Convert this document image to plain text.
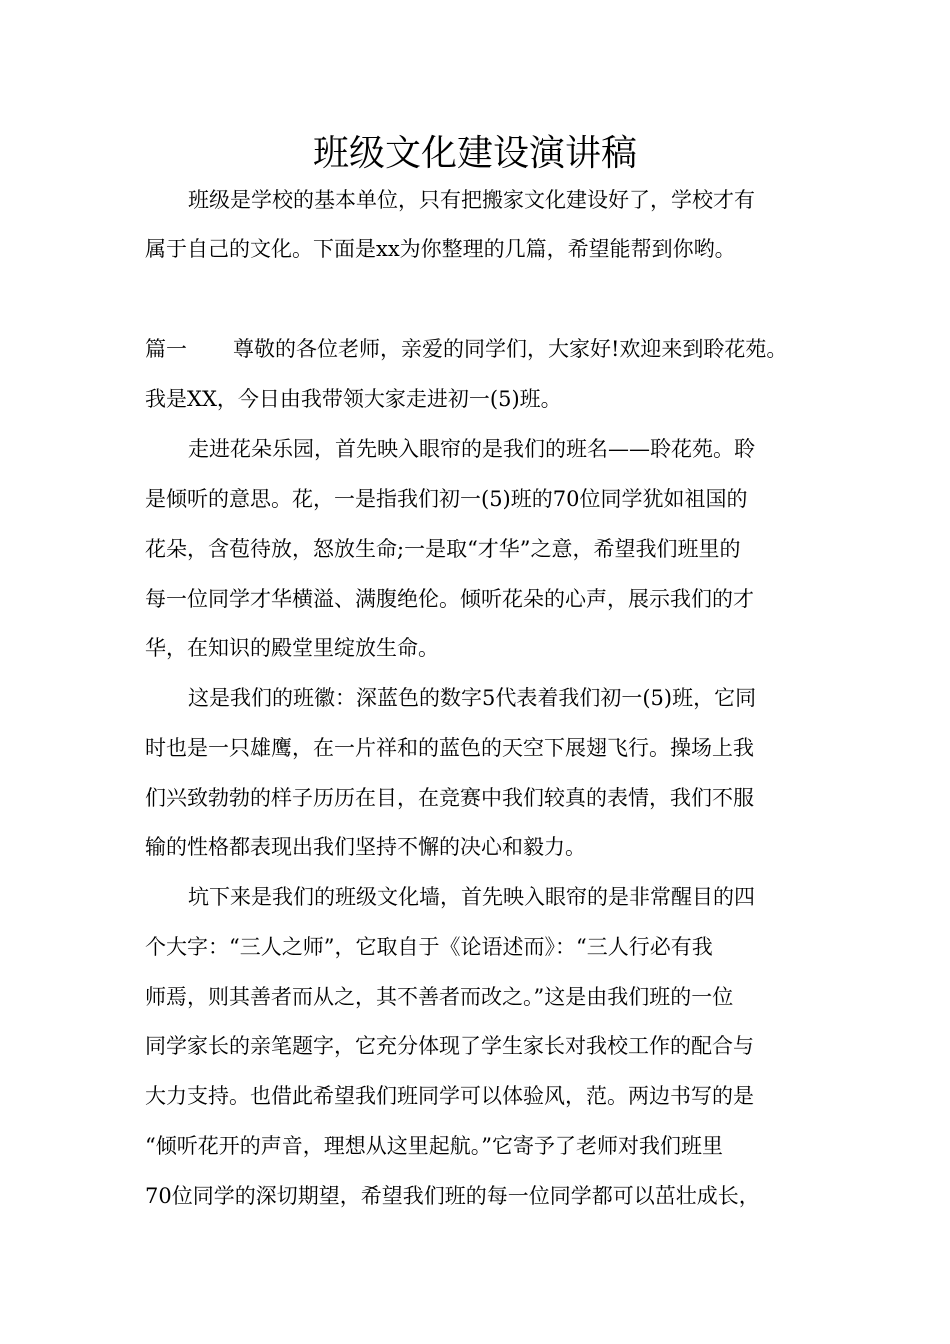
班级文化建设演讲稿

班级是学校的基本单位，只有把搬家文化建设好了，学校才有

属于自己的文化。下面是xx为你整理的几篇，希望能帮到你哟。

篇一 尊敬的各位老师，亲爱的同学们，大家好!欢迎来到聆花苑。

我是XX，今日由我带领大家走进初一(5)班。

走进花朵乐园，首先映入眼帘的是我们的班名——聆花苑。聆

是倾听的意思。花，一是指我们初一(5)班的70位同学犹如祖国的

花朵，含苞待放，怒放生命;一是取“才华”之意，希望我们班里的

每一位同学才华横溢、满腹绝伦。倾听花朵的心声，展示我们的才

华，在知识的殿堂里绽放生命。

这是我们的班徽：深蓝色的数字5代表着我们初一(5)班，它同

时也是一只雄鹰，在一片祥和的蓝色的天空下展翅飞行。操场上我

们兴致勃勃的样子历历在目，在竞赛中我们较真的表情，我们不服

输的性格都表现出我们坚持不懈的决心和毅力。

坑下来是我们的班级文化墙，首先映入眼帘的是非常醒目的四

个大字：“三人之师”，它取自于《论语述而》：“三人行必有我

师焉，则其善者而从之，其不善者而改之。”这是由我们班的一位

同学家长的亲笔题字，它充分体现了学生家长对我校工作的配合与

大力支持。也借此希望我们班同学可以体验风，范。两边书写的是

“倾听花开的声音，理想从这里起航。”它寄予了老师对我们班里

70位同学的深切期望，希望我们班的每一位同学都可以茁壮成长，
